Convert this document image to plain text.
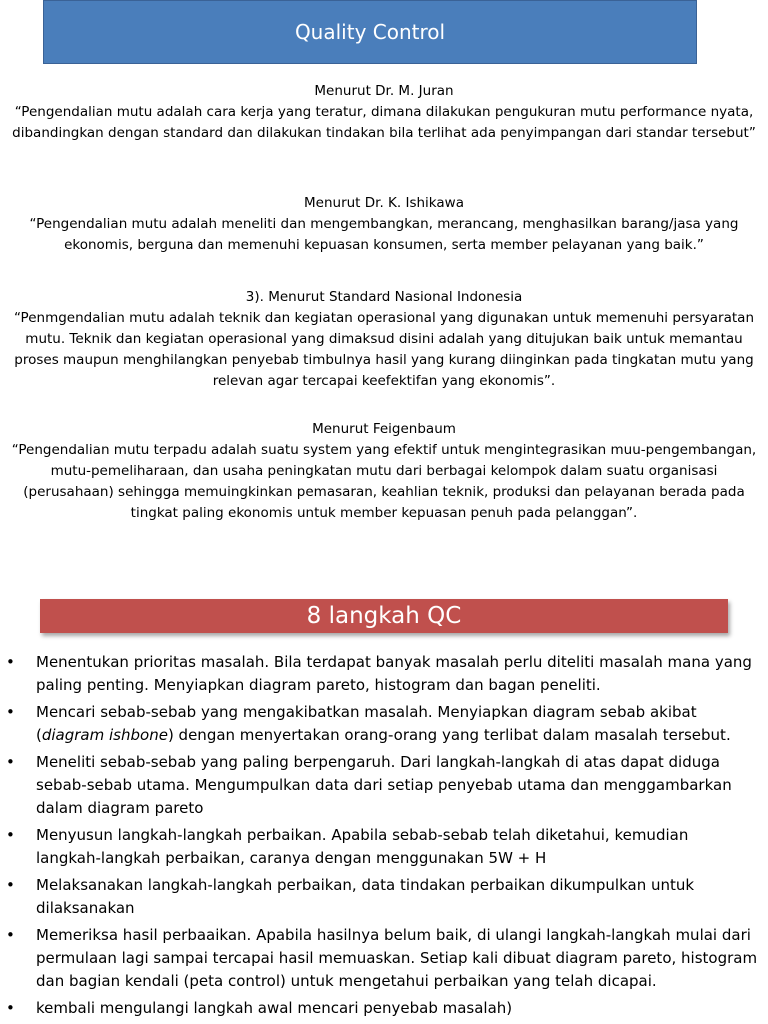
Quality Control

Menurut Dr. M. Juran

“Pengendalian mutu adalah cara kerja yang teratur, dimana dilakukan pengukuran mutu performance nyata, dibandingkan dengan standard dan dilakukan tindakan bila terlihat ada penyimpangan dari standar tersebut”

Menurut Dr. K. Ishikawa

“Pengendalian mutu adalah meneliti dan mengembangkan, merancang, menghasilkan barang/jasa yang ekonomis, berguna dan memenuhi kepuasan konsumen, serta member pelayanan yang baik.”

3). Menurut Standard Nasional Indonesia

“Penmgendalian mutu adalah teknik dan kegiatan operasional yang digunakan untuk memenuhi persyaratan mutu. Teknik dan kegiatan operasional yang dimaksud disini adalah yang ditujukan baik untuk memantau proses maupun menghilangkan penyebab timbulnya hasil yang kurang diinginkan pada tingkatan mutu yang relevan agar tercapai keefektifan yang ekonomis”.

Menurut Feigenbaum

“Pengendalian mutu terpadu adalah suatu system yang efektif untuk mengintegrasikan muu-pengembangan, mutu-pemeliharaan, dan usaha peningkatan mutu dari berbagai kelompok dalam suatu organisasi (perusahaan) sehingga memuingkinkan pemasaran, keahlian teknik, produksi dan pelayanan berada pada tingkat paling ekonomis untuk member kepuasan penuh pada pelanggan”.

8 langkah QC
• Menentukan prioritas masalah. Bila terdapat banyak masalah perlu diteliti masalah mana yang paling penting. Menyiapkan diagram pareto, histogram dan bagan peneliti.
• Mencari sebab-sebab yang mengakibatkan masalah. Menyiapkan diagram sebab akibat (diagram ishbone) dengan menyertakan orang-orang yang terlibat dalam masalah tersebut.
• Meneliti sebab-sebab yang paling berpengaruh. Dari langkah-langkah di atas dapat diduga sebab-sebab utama. Mengumpulkan data dari setiap penyebab utama dan menggambarkan dalam diagram pareto
• Menyusun langkah-langkah perbaikan. Apabila sebab-sebab telah diketahui, kemudian langkah-langkah perbaikan, caranya dengan menggunakan 5W + H
• Melaksanakan langkah-langkah perbaikan, data tindakan perbaikan dikumpulkan untuk dilaksanakan
• Memeriksa hasil perbaaikan. Apabila hasilnya belum baik, di ulangi langkah-langkah mulai dari permulaan lagi sampai tercapai hasil memuaskan. Setiap kali dibuat diagram pareto, histogram dan bagian kendali (peta control) untuk mengetahui perbaikan yang telah dicapai.
• kembali mengulangi langkah awal mencari penyebab masalah)
